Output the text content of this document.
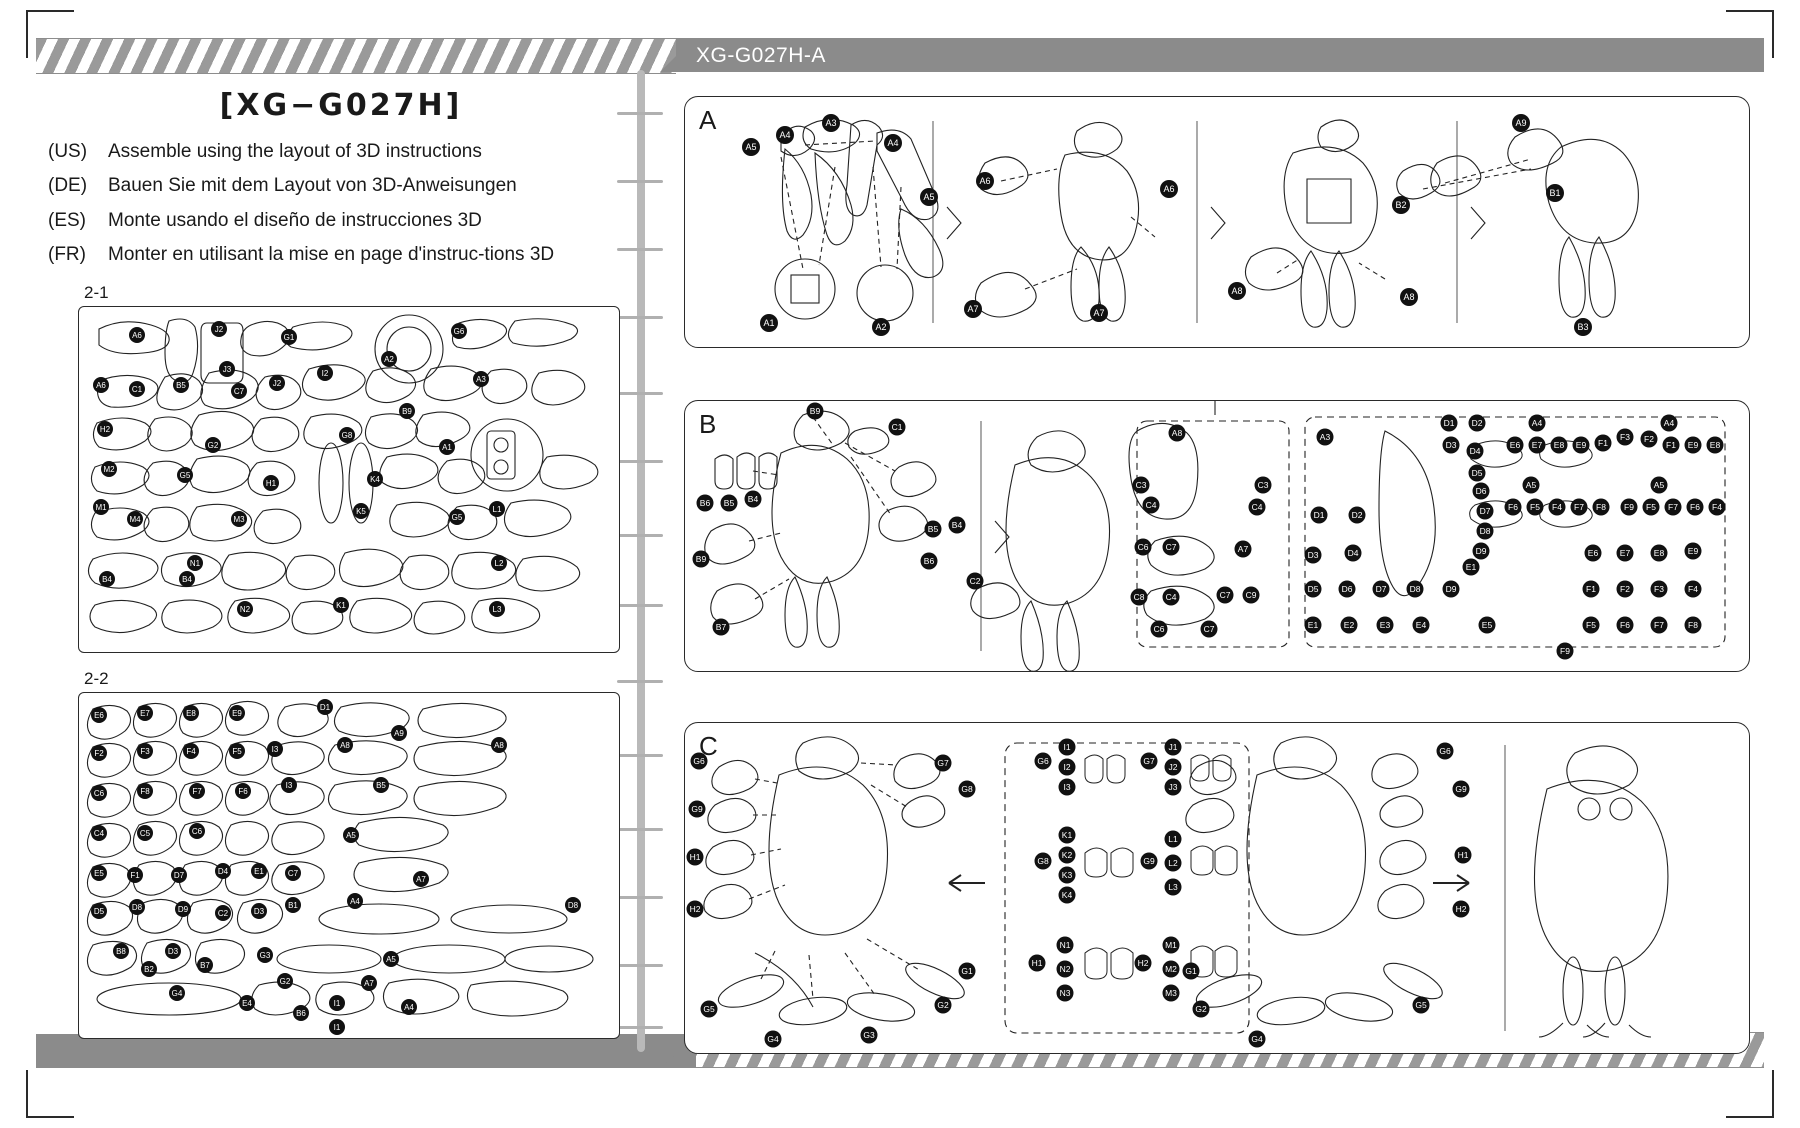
XG-G027H-A
[XG−G027H]
(US)	Assemble using the layout of 3D instructions
(DE)	Bauen Sie mit dem Layout von 3D-Anweisungen
(ES)	Monte usando el diseño de instrucciones 3D
(FR)	Monter en utilisant la mise en page d'instruc-tions 3D
2-1
A6
J2
G1
G6
A2
A6	C1	B5
J3
C7
J2
I2
A3
B9
H2
G2
G8
A1
M2
G5
H1	K4
M1
M4	M3
K5
G5
L1
N1
B4	B4
L2
N2	K1	L3
2-2
E6	E7	E8	E9
D1
A9
F2	F3	F4	F5	I3	A8	A8
C6	F8	F7	F6
I3	B5
C4	C5	C6	A5
E5	F1	D7	D4	E1	C7
A7
D5	D8	D9	C2	D3
B1	A4	D8
B8	D3
B2	B7
G3	A5
G2	A7
G4
E4
B6
I1
I1
A4
A
A5
A4
A3
A4
A5
A1	A2
A6
A6
A7	A7
A8
A8
A9
B2
B1
B3
B	B9
C1
B6 B5 B4
B5 B4
B6
B9
B7
C2
A8
C3	C3
C4	C4
C6 C7	A7
C8 C4	C7 C9
C6	C7
D1	D2
D3	D4
D5	D6	D7	D8	D9
E1	E2	E3	E4	E5
A3
D1 D2
D3
D4
D5
D6
D7
D8
D9
E1
A4	A4
E6 E7 E8 E9 F1
F3 F2
F1 E9 E8
A5	A5
F6 F5 F4 F7 F8 F9 F5 F7 F6 F4
E6	E7	E8	E9
F1	F2	F3	F4
F5	F6	F7	F8
F9
C
G6
G9
H1
H2
G7
G8
G5
G1
G2
G4	G3
G6
I1
I2
I3
G7
J1
J2
J3
G8
K1
K2
K3
K4
G9
L1
L2
L3
H1
N1
N2
N3
H2
M1
M2
M3
G6
G9
H1
H2
G1
G2
G4
G5
